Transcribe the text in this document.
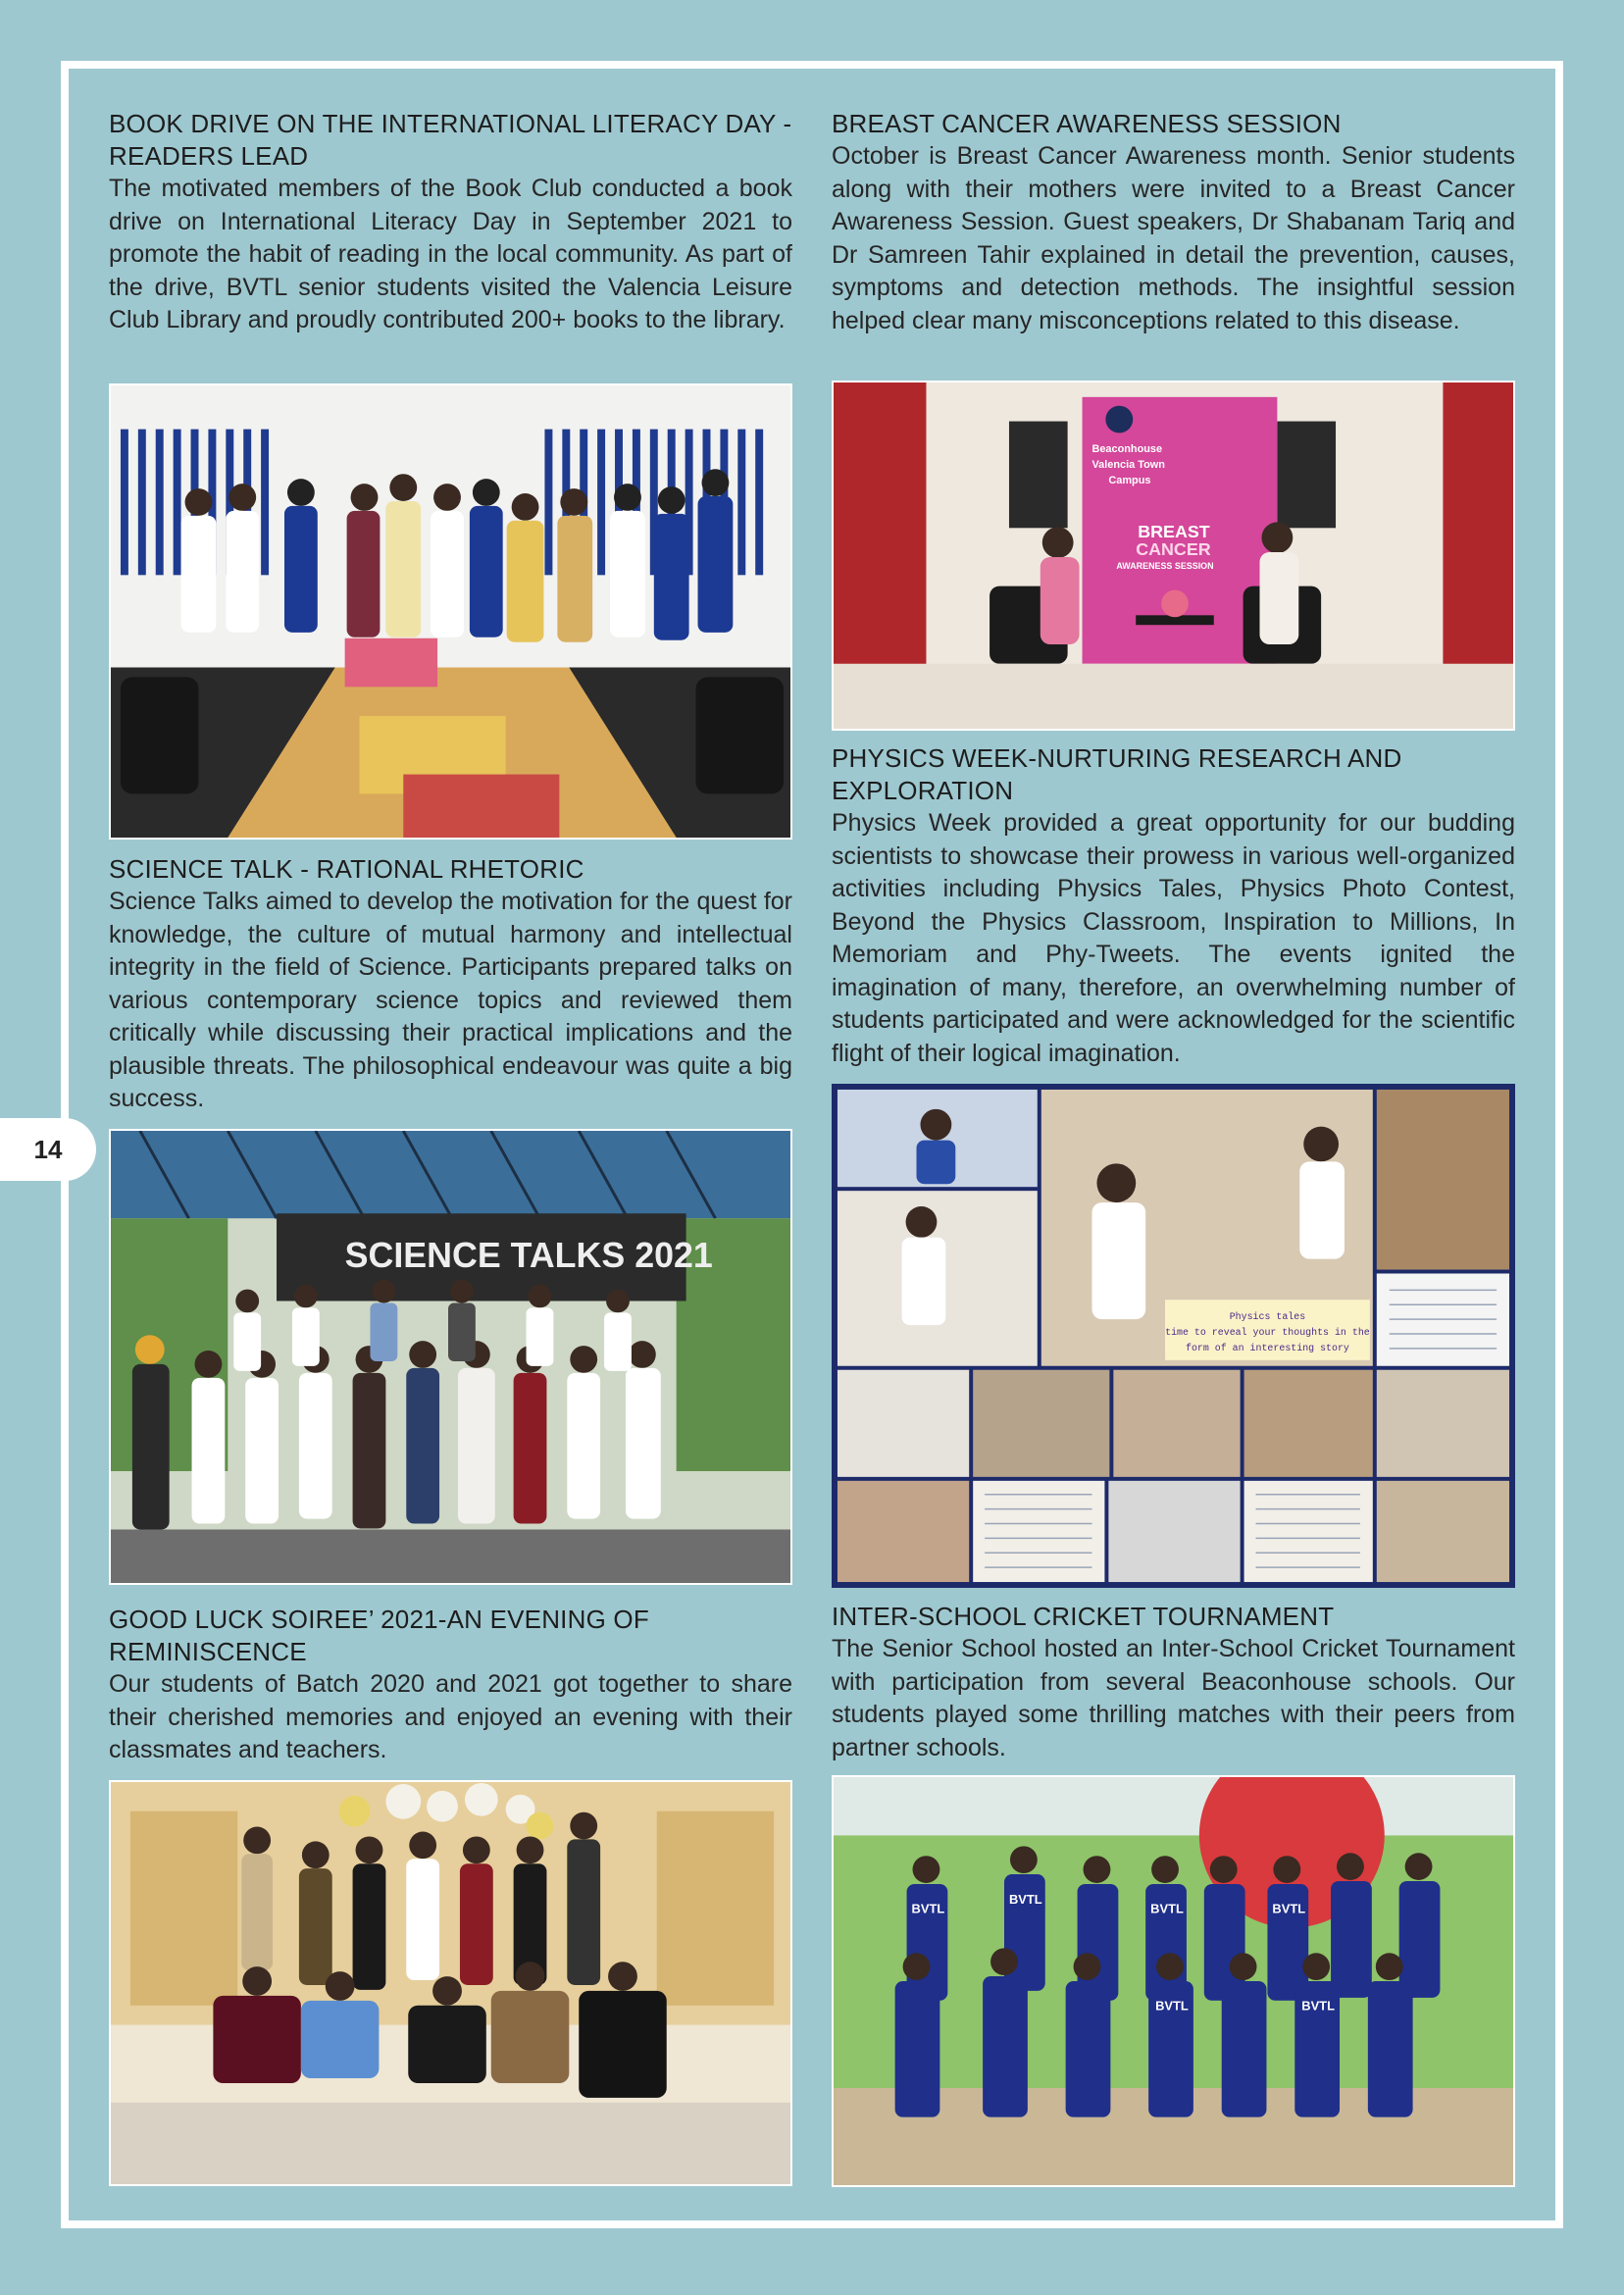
14
BOOK DRIVE ON THE INTERNATIONAL LITERACY DAY -
READERS LEAD

The motivated members of the Book Club conducted a book drive on International Literacy Day in September 2021 to promote the habit of reading in the local community. As part of the drive, BVTL senior students visited the Valencia Leisure Club Library and proudly contributed 200+ books to the library.

SCIENCE TALK - RATIONAL RHETORIC

Science Talks aimed to develop the motivation for the quest for knowledge, the culture of mutual harmony and intellectual integrity in the field of Science. Participants prepared talks on various contemporary science topics and reviewed them critically while discussing their practical implications and the plausible threats. The philosophical endeavour was quite a big success.

SCIENCE TALKS 2021
GOOD LUCK SOIREE’ 2021-AN EVENING OF
REMINISCENCE

Our students of Batch 2020 and 2021 got together to share their cherished memories and enjoyed an evening with their classmates and teachers.

BREAST CANCER AWARENESS SESSION

October is Breast Cancer Awareness month. Senior students along with their mothers were invited to a Breast Cancer Awareness Session. Guest speakers, Dr Shabanam Tariq and Dr Samreen Tahir explained in detail the prevention, causes, symptoms and detection methods. The insightful session helped clear many misconceptions related to this disease.

Beaconhouse
Valencia Town
Campus
BREAST
CANCER
AWARENESS SESSION
PHYSICS WEEK-NURTURING RESEARCH AND
EXPLORATION

Physics Week provided a great opportunity for our budding scientists to showcase their prowess in various well-organized activities including Physics Tales, Physics Photo Contest, Beyond the Physics Classroom, Inspiration to Millions, In Memoriam and Phy-Tweets. The events ignited the imagination of many, therefore, an overwhelming number of students participated and were acknowledged for the scientific flight of their logical imagination.

Physics tales
time to reveal your thoughts in the
form of an interesting story
INTER-SCHOOL CRICKET TOURNAMENT

The Senior School hosted an Inter-School Cricket Tournament with participation from several Beaconhouse schools. Our students played some thrilling matches with their peers from partner schools.

BVTL
BVTL
BVTL	BVTL
BVTL	BVTL
